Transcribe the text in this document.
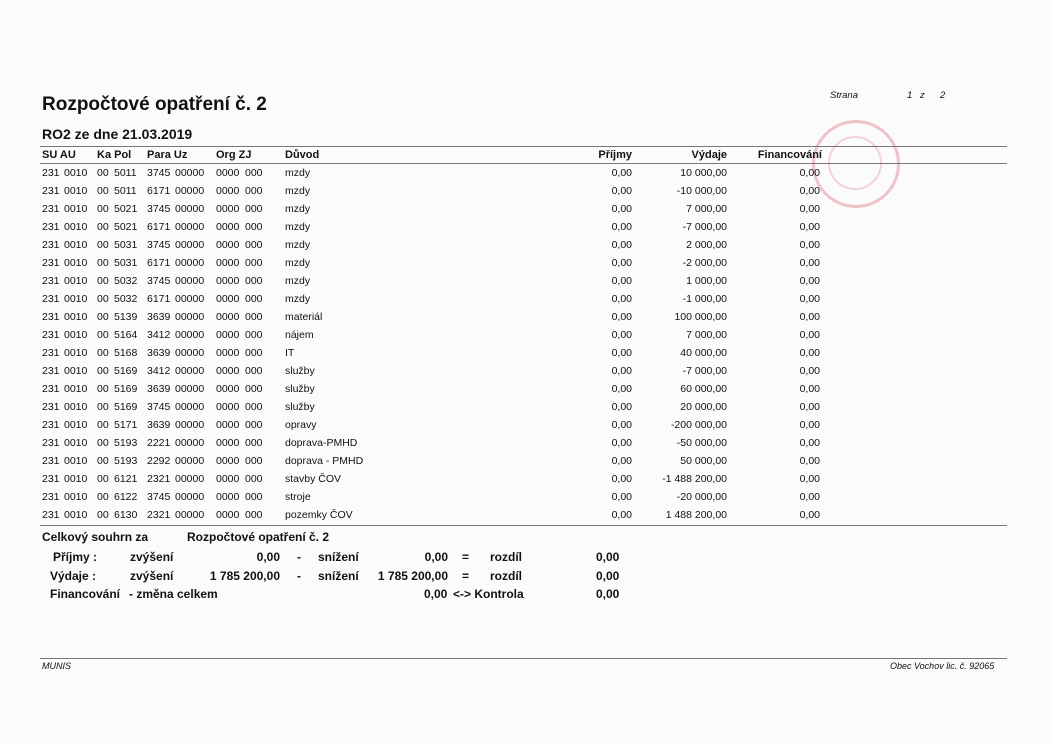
Rozpočtové opatření č. 2
RO2 ze dne 21.03.2019
Strana	1 z 2
SU AU Ka Pol Para Uz	Org ZJ	Důvod	Příjmy	Výdaje	Financování
231 0010 00 5011 3745 00000 0000 000 mzdy	0,00	10 000,00	0,00
231 0010 00 5011 6171 00000 0000 000 mzdy	0,00	-10 000,00	0,00
231 0010 00 5021 3745 00000 0000 000 mzdy	0,00	7 000,00	0,00
231 0010 00 5021 6171 00000 0000 000 mzdy	0,00	-7 000,00	0,00
231 0010 00 5031 3745 00000 0000 000 mzdy	0,00	2 000,00	0,00
231 0010 00 5031 6171 00000 0000 000 mzdy	0,00	-2 000,00	0,00
231 0010 00 5032 3745 00000 0000 000 mzdy	0,00	1 000,00	0,00
231 0010 00 5032 6171 00000 0000 000 mzdy	0,00	-1 000,00	0,00
231 0010 00 5139 3639 00000 0000 000 materiál	0,00	100 000,00	0,00
231 0010 00 5164 3412 00000 0000 000 nájem	0,00	7 000,00	0,00
231 0010 00 5168 3639 00000 0000 000 IT	0,00	40 000,00	0,00
231 0010 00 5169 3412 00000 0000 000 služby	0,00	-7 000,00	0,00
231 0010 00 5169 3639 00000 0000 000 služby	0,00	60 000,00	0,00
231 0010 00 5169 3745 00000 0000 000 služby	0,00	20 000,00	0,00
231 0010 00 5171 3639 00000 0000 000 opravy	0,00	-200 000,00	0,00
231 0010 00 5193 2221 00000 0000 000 doprava-PMHD	0,00	-50 000,00	0,00
231 0010 00 5193 2292 00000 0000 000 doprava - PMHD	0,00	50 000,00	0,00
231 0010 00 6121 2321 00000 0000 000 stavby ČOV	0,00	-1 488 200,00	0,00
231 0010 00 6122 3745 00000 0000 000 stroje	0,00	-20 000,00	0,00
231 0010 00 6130 2321 00000 0000 000 pozemky ČOV	0,00	1 488 200,00	0,00
Celkový souhrn za	Rozpočtové opatření č. 2
Příjmy :	zvýšení	0,00 - snížení	0,00 = rozdíl	0,00
Výdaje :	zvýšení	1 785 200,00 - snížení	1 785 200,00 = rozdíl	0,00
Financování - změna celkem	0,00 <-> Kontrola	0,00
MUNIS	Obec Vochov lic. č. 92065
